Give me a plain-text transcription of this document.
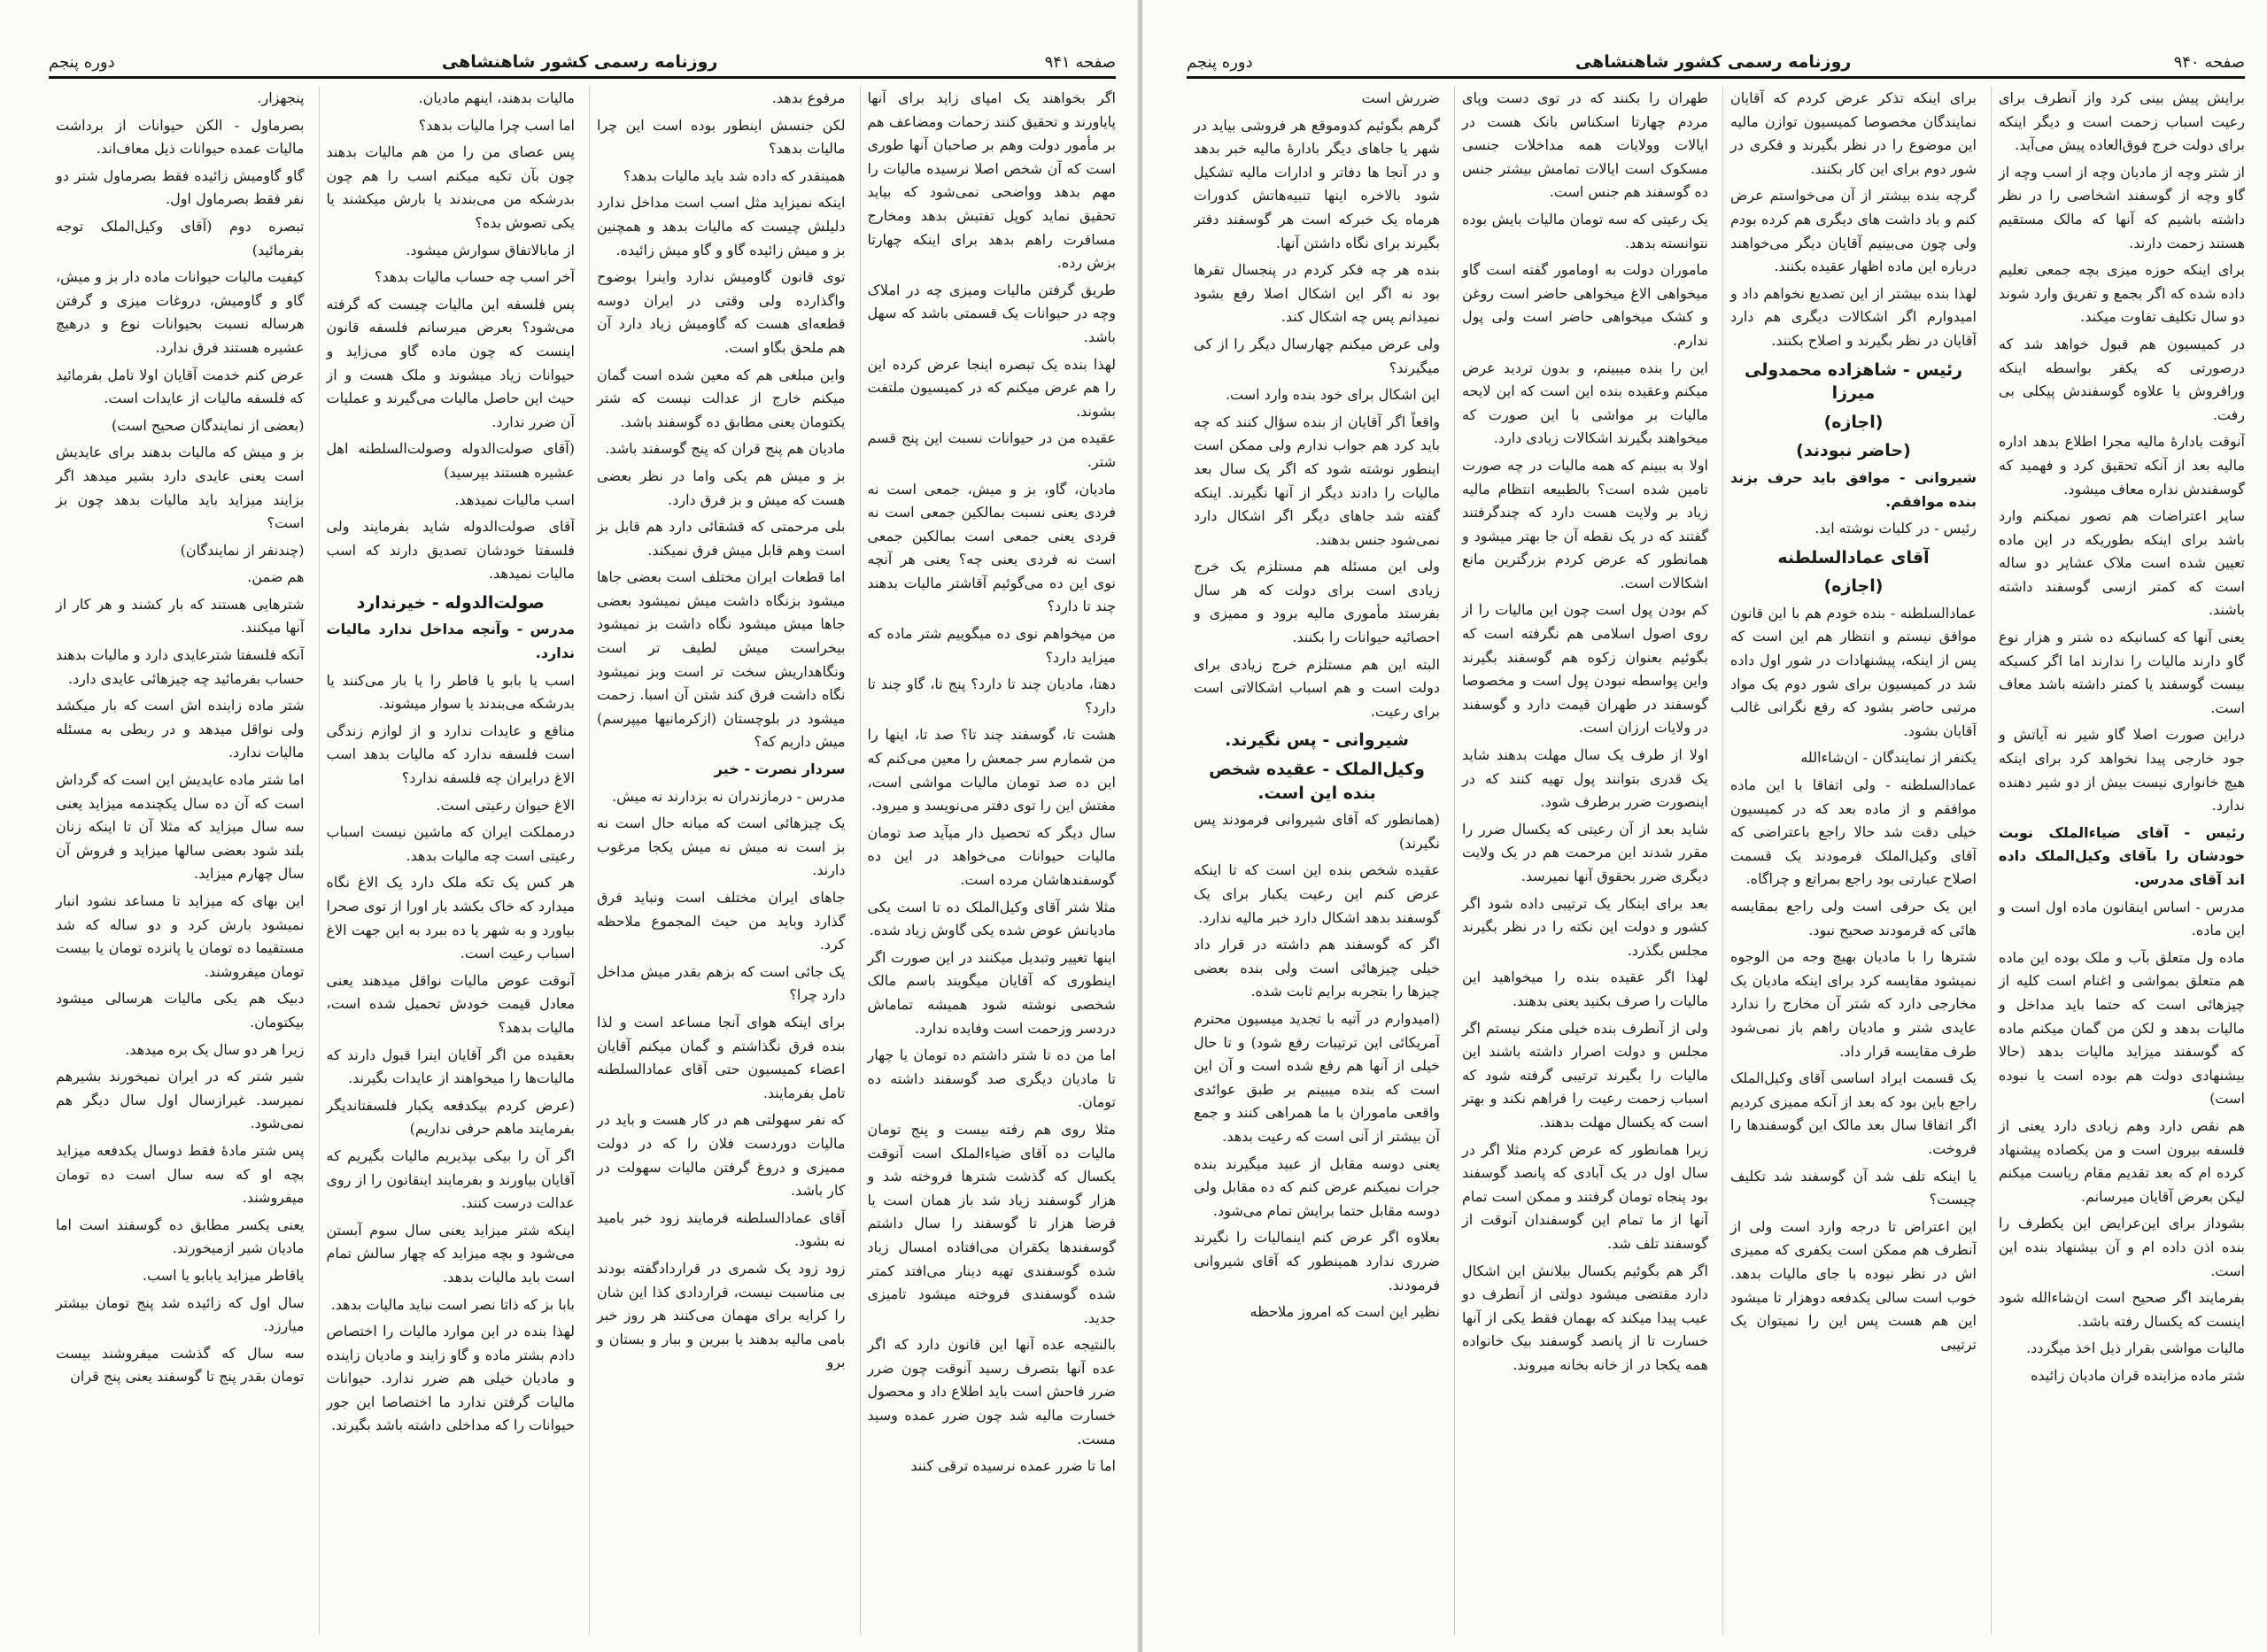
صفحه ۹۴۱
روزنامه رسمی کشور شاهنشاهی
دوره پنجم

اگر بخواهند یک امپای زاید برای آنها پایاورند و تحقیق کنند زحمات ومضاعف هم بر مأمور دولت وهم بر صاحبان آنها طوری است که آن شخص اصلا نرسیده مالیات را مهم بدهد وواضحی نمی‌شود که بیاید تحقیق نماید کوپل تفتیش بدهد ومخارج مسافرت راهم بدهد برای اینکه چهارتا بزش رده.

طریق گرفتن مالیات ومیزی چه در املاک وچه در حیوانات یک قسمتی باشد که سهل باشد.

لهذا بنده یک تبصره اینجا عرض کرده این را هم عرض میکنم که در کمیسیون ملتفت بشوند.

عقیده من در حیوانات نسبت این پنج قسم شتر.

مادیان، گاو، بز و میش، جمعی است نه فردی یعنی نسبت بمالکین جمعی است نه فردی یعنی جمعی است بمالکین جمعی است نه فردی یعنی چه؟ یعنی هر آنچه نوی این ده می‌گوئیم آقاشتر مالیات بدهند چند تا دارد؟

من میخواهم نوی ده میگوییم شتر ماده که میزاید دارد؟

دهتا، مادیان چند تا دارد؟ پنج تا، گاو چند تا دارد؟

هشت تا، گوسفند چند تا؟ صد تا، اینها را من شمارم سر جمعش را معین می‌کنم که این ده صد تومان مالیات مواشی است، مفتش این را توی دفتر می‌نویسد و میرود.

سال دیگر که تحصیل دار میآید صد تومان مالیات حیوانات می‌خواهد در این ده گوسفندهاشان مرده است.

مثلا شتر آقای وکیل‌الملک ده تا است یکی مادیانش عوض شده یکی گاوش زیاد شده.

اینها تغییر وتبدیل میکنند در این صورت اگر اینطوری که آقایان میگویند باسم مالک شخصی نوشته شود همیشه تماماش دردسر وزحمت است وفایده ندارد.

اما من ده تا شتر داشتم ده تومان یا چهار تا مادیان دیگری صد گوسفند داشته ده تومان.

مثلا روی هم رفته بیست و پنج تومان مالیات ده آقای ضیاءالملک است آنوقت یکسال که گذشت شترها فروخته شد و هزار گوسفند زیاد شد باز همان است یا فرضا هزار تا گوسفند را سال داشتم گوسفندها یکقران می‌افتاده امسال زیاد شده گوسفندی تهیه دینار می‌افتد کمتر شده گوسفندی فروخته میشود تامیزی جدید.

بالنتیجه عده آنها این قانون دارد که اگر عده آنها بتصرف رسید آنوقت چون ضرر ضرر فاحش است باید اطلاع داد و محصول خسارت مالیه شد چون ضرر عمده وسید مست.

اما تا ضرر عمده نرسیده ترقی کنند

مرفوع بدهد.

لکن جنسش اینطور بوده است این چرا مالیات بدهد؟

همینقدر که داده شد باید مالیات بدهد؟

اینکه نمیزاید مثل اسب است مداخل ندارد دلیلش چیست که مالیات بدهد و همچنین بز و میش زائیده گاو و گاو میش زائیده.

توی قانون گاومیش ندارد واینرا بوضوح واگذارده ولی وقتی در ایران دوسه قطعه‌ای هست که گاومیش زیاد دارد آن هم ملحق بگاو است.

واین مبلغی هم که معین شده است گمان میکنم خارج از عدالت نیست که شتر یکتومان یعنی مطابق ده گوسفند باشد.

مادیان هم پنج قران که پنج گوسفند باشد.

بز و میش هم یکی واما در نظر بعضی هست که میش و بز فرق دارد.

بلی مرحمتی که قشقائی دارد هم قابل بز است وهم قابل میش فرق نمیکند.

اما قطعات ایران مختلف است بعضی جاها میشود بزنگاه داشت میش نمیشود بعضی جاها میش میشود نگاه داشت بز نمیشود بیخراست میش لطیف تر است ونگاهداریش سخت تر است وبز نمیشود نگاه داشت فرق کند شتن آن اسبا. زحمت میشود در بلوچستان (ازکرمانیها میپرسم) میش داریم که؟

سردار نصرت - خیر

مدرس - درمازندران نه بزدارند نه میش.

یک چیزهائی است که میانه حال است نه بز است نه میش نه میش یکجا مرغوب دارند.

جاهای ایران مختلف است ونباید فرق گذارد وباید من حیث المجموع ملاحظه کرد.

یک جائی است که بزهم بقدر میش مداخل دارد چرا؟

برای اینکه هوای آنجا مساعد است و لذا بنده فرق نگذاشتم و گمان میکنم آقایان اعضاء کمیسیون حتی آقای عمادالسلطنه تامل بفرمایند.

که نفر سهولتی هم در کار هست و باید در مالیات دوردست فلان را که در دولت ممیزی و دروغ گرفتن مالیات سهولت در کار باشد.

آقای عمادالسلطنه فرمایند زود خبر بامید نه بشود.

زود زود یک شمری در قراردادگفته بودند بی مناسبت نیست، قراردادی کذا این شان را کرایه برای مهمان می‌کنند هر روز خبر بامی مالیه بدهند یا ببرین و ببار و بستان و برو

مالیات بدهند، اینهم مادیان.

اما اسب چرا مالیات بدهد؟

پس عصای من را من هم مالیات بدهند چون بآن تکیه میکنم اسب را هم چون بدرشکه من می‌بندند یا بارش میکشند یا یکی تصوش بده؟

از مابالاتفاق سوارش میشود.

آخر اسب چه حساب مالیات بدهد؟

پس فلسفه این مالیات چیست که گرفته می‌شود؟ بعرض میرسانم فلسفه قانون اینست که چون ماده گاو می‌زاید و حیوانات زیاد میشوند و ملک هست و از حیث این حاصل مالیات می‌گیرند و عملیات آن ضرر ندارد.

(آقای صولت‌الدوله وصولت‌السلطنه اهل عشیره هستند بپرسید)

اسب مالیات نمیدهد.

آقای صولت‌الدوله شاید بفرمایند ولی فلسفتا خودشان تصدیق دارند که اسب مالیات نمیدهد.

صولت‌الدوله - خیرندارد

مدرس - وآنچه مداخل ندارد مالیات ندارد.

اسب یا بابو یا قاطر را یا بار می‌کنند یا بدرشکه می‌بندند یا سوار میشوند.

منافع و عایدات ندارد و از لوازم زندگی است فلسفه ندارد که مالیات بدهد اسب الاغ درایران چه فلسفه ندارد؟

الاغ حیوان رعیتی است.

درمملکت ایران که ماشین نیست اسباب رعیتی است چه مالیات بدهد.

هر کس یک تکه ملک دارد یک الاغ نگاه میدارد که خاک بکشد بار اورا از توی صحرا بیاورد و به شهر یا ده ببرد به این جهت الاغ اسباب رعیت است.

آنوقت عوض مالیات نواقل میدهند یعنی معادل قیمت خودش تحمیل شده است، مالیات بدهد؟

بعقیده من اگر آقایان اینرا قبول دارند که مالیات‌ها را میخواهند از عایدات بگیرند.

(عرض کردم بیکدفعه یکبار فلسفتاندیگر بفرمایند ماهم حرفی نداریم)

اگر آن را بیکی بپذیریم مالیات بگیریم که آقایان بیاورند و بفرمایند اینقانون را از روی عدالت درست کنند.

اینکه شتر میزاید یعنی سال سوم آبستن می‌شود و بچه میزاید که چهار سالش تمام است باید مالیات بدهد.

بابا بز که ذاتا نصر است نباید مالیات بدهد.

لهذا بنده در این موارد مالیات را اختصاص دادم بشتر ماده و گاو زایند و مادیان زاینده و مادیان خیلی هم ضرر ندارد. حیوانات مالیات گرفتن ندارد ما اختصاصا این جور حیوانات را که مداخلی داشته باشد بگیرند.

پنجهزار.

بصرماول - الکن حیوانات از برداشت مالیات عمده حیوانات ذیل معاف‌اند.

گاو گاومیش زائیده فقط بصرماول شتر دو نفر فقط بصرماول اول.

تبصره دوم (آقای وکیل‌الملک توجه بفرمائید)

کیفیت مالیات حیوانات ماده دار بز و میش، گاو و گاومیش، دروغات میزی و گرفتن هرساله نسبت بحیوانات نوع و درهیچ عشیره هستند فرق ندارد.

عرض کنم خدمت آقایان اولا تامل بفرمائید که فلسفه مالیات از عایدات است.

(بعضی از نمایندگان صحیح است)

بز و میش که مالیات بدهند برای عایدیش است یعنی عایدی دارد بشیر میدهد اگر بزایند میزاید باید مالیات بدهد چون بز است؟

(چندنفر از نمایندگان)

هم ضمن.

شترهایی هستند که بار کشند و هر کار از آنها میکنند.

آنکه فلسفتا شترعایدی دارد و مالیات بدهند حساب بفرمائید چه چیزهائی عایدی دارد.

شتر ماده زاینده اش است که بار میکشد ولی نواقل میدهد و در ربطی به مسئله مالیات ندارد.

اما شتر ماده عایدیش این است که گرداش است که آن ده سال یکچندمه میزاید یعنی سه سال میزاید که مثلا آن تا اینکه زنان بلند شود بعضی سالها میزاید و فروش آن سال چهارم میزاید.

این بهای که میزاید تا مساعد نشود انبار نمیشود بارش کرد و دو ساله که شد مستقیما ده تومان یا پانزده تومان یا بیست تومان میفروشند.

دبیک هم یکی مالیات هرسالی میشود بیکتومان.

زیرا هر دو سال یک بره میدهد.

شیر شتر که در ایران نمیخورند بشیرهم نمیرسد. غیرازسال اول سال دیگر هم نمی‌شود.

پس شتر مادهٔ فقط دوسال یکدفعه میزاید بچه او که سه سال است ده تومان میفروشند.

یعنی یکسر مطابق ده گوسفند است اما مادیان شیر ازمیخورند.

یاقاطر میزاید یابابو یا اسب.

سال اول که زائیده شد پنج تومان بیشتر میارزد.

سه سال که گذشت میفروشند بیست تومان بقدر پنج تا گوسفند یعنی پنج قران

صفحه ۹۴۰
روزنامه رسمی کشور شاهنشاهی
دوره پنجم

برایش پیش بینی کرد واز آنطرف برای رعیت اسباب زحمت است و دیگر اینکه برای دولت خرج فوق‌العاده پیش می‌آید.

از شتر وچه از مادیان وچه از اسب وچه از گاو وچه از گوسفند اشخاصی را در نظر داشته باشیم که آنها که مالک مستقیم هستند زحمت دارند.

برای اینکه حوزه میزی بچه جمعی تعلیم داده شده که اگر بجمع و تفریق وارد شوند دو سال تکلیف تفاوت میکند.

در کمیسیون هم قبول خواهد شد که درصورتی که یکفر بواسطه اینکه ورافروش یا علاوه گوسفندش پیکلی بی رفت.

آنوقت بادارهٔ مالیه مجرا اطلاع بدهد اداره مالیه بعد از آنکه تحقیق کرد و فهمید که گوسفندش نداره معاف میشود.

سایر اعتراضات هم تصور نمیکنم وارد باشد برای اینکه بطوریکه در این ماده تعیین شده است ملاک عشایر دو ساله است که کمتر ازسی گوسفند داشته باشند.

یعنی آنها که کسانیکه ده شتر و هزار نوع گاو دارند مالیات را ندارند اما اگر کسیکه بیست گوسفند یا کمتر داشته باشد معاف است.

دراین صورت اصلا گاو شیر نه آیاتش و جود خارجی پیدا نخواهد کرد برای اینکه هیچ خانواری نیست بیش از دو شیر دهنده ندارد.

رئیس - آقای ضیاءالملک نوبت خودشان را بآقای وکیل‌الملک داده اند آقای مدرس.

مدرس - اساس اینقانون ماده اول است و این ماده.

ماده ول متعلق بآب و ملک بوده این ماده هم متعلق بمواشی و اغنام است کلیه از چیزهائی است که حتما باید مداخل و مالیات بدهد و لکن من گمان میکنم ماده که گوسفند میزاید مالیات بدهد (حالا بیشنهادی دولت هم بوده است یا نبوده است)

هم نقص دارد وهم زیادی دارد یعنی از فلسفه بیرون است و من یکصاده پیشنهاد کرده ام که بعد تقدیم مقام ریاست میکنم لیکن بعرض آقایان میرسانم.

بشوداز برای این‌عرایض این یکطرف را بنده اذن داده ام و آن بیشنهاد بنده این است.

بفرمایند اگر صحیح است ان‌شاءالله شود اینست که یکسال رفته باشد.

مالیات مواشی بقرار ذیل اخذ میگردد.

شتر ماده مزاینده قران مادیان زائیده

برای اینکه تذکر عرض کردم که آقایان نمایندگان مخصوصا کمیسیون توازن مالیه این موضوع را در نظر بگیرند و فکری در شور دوم برای این کار بکنند.

گرچه بنده بیشتر از آن می‌خواستم عرض کنم و باد داشت های دیگری هم کرده بودم ولی چون می‌بینیم آقایان دیگر می‌خواهند درباره این ماده اظهار عقیده بکنند.

لهذا بنده بیشتر از این تصدیع نخواهم داد و امیدوارم اگر اشکالات دیگری هم دارد آقایان در نظر بگیرند و اصلاح بکنند.

رئیس - شاهزاده محمدولی میرزا

(اجازه)

(حاضر نبودند)

شیروانی - موافق باید حرف بزند بنده موافقم.

رئیس - در کلیات نوشته اید.

آقای عمادالسلطنه

(اجازه)

عمادالسلطنه - بنده خودم هم با این قانون موافق نیستم و انتظار هم این است که پس از اینکه، پیشنهادات در شور اول داده شد در کمیسیون برای شور دوم یک مواد مرتبی حاضر بشود که رفع نگرانی غالب آقایان بشود.

یکنفر از نمایندگان - ان‌شاءالله

عمادالسلطنه - ولی اتفاقا با این ماده موافقم و از ماده بعد که در کمیسیون خیلی دقت شد حالا راجع باعتراضی که آقای وکیل‌الملک فرمودند یک قسمت اصلاح عبارتی بود راجع بمراتع و چراگاه.

این یک حرفی است ولی راجع بمقایسه هائی که فرمودند صحیح نبود.

شترها را با مادیان بهیچ وجه من الوجوه نمیشود مقایسه کرد برای اینکه مادیان یک مخارجی دارد که شتر آن مخارج را ندارد عایدی شتر و مادیان راهم باز نمی‌شود طرف مقایسه قرار داد.

یک قسمت ایراد اساسی آقای وکیل‌الملک راجع باین بود که بعد از آنکه ممیزی کردیم اگر اتفاقا سال بعد مالک این گوسفندها را فروخت.

یا اینکه تلف شد آن گوسفند شد تکلیف چیست؟

این اعتراض تا درجه وارد است ولی از آنطرف هم ممکن است یکفری که ممیزی اش در نظر نبوده با جای مالیات بدهد. خوب است سالی یکدفعه دوهزار تا میشود این هم هست پس این را نمیتوان یک ترتیبی

طهران را بکنند که در توی دست وپای مردم چهارتا اسکناس بانک هست در ایالات وولایات همه مداخلات جنسی مسکوک است ایالات تمامش بیشتر جنس ده گوسفند هم جنس است.

یک رعیتی که سه تومان مالیات بایش بوده نتوانسته بدهد.

ماموران دولت به اومامور گفته است گاو میخواهی الاغ میخواهی حاضر است روغن و کشک میخواهی حاضر است ولی پول ندارم.

این را بنده میبینم، و بدون تردید عرض میکنم وعقیده بنده این است که این لایحه مالیات بر مواشی با این صورت که میخواهند بگیرند اشکالات زیادی دارد.

اولا به ببینم که همه مالیات در چه صورت تامین شده است؟ بالطبیعه انتظام مالیه زیاد بر ولایت هست دارد که چندگرفتند گفتند که در یک نقطه آن جا بهتر میشود و همانطور که عرض کردم بزرگترین مانع اشکالات است.

کم بودن پول است چون این مالیات را از روی اصول اسلامی هم نگرفته است که بگوئیم بعنوان زکوه هم گوسفند بگیرند واین پواسطه نبودن پول است و مخصوصا گوسفند در طهران قیمت دارد و گوسفند در ولایات ارزان است.

اولا از طرف یک سال مهلت بدهند شاید یک قدری بتوانند پول تهیه کنند که در اینصورت ضرر برطرف شود.

شاید بعد از آن رعیتی که یکسال ضرر را مقرر شدند این مرحمت هم در یک ولایت دیگری ضرر بحقوق آنها نمیرسد.

بعد برای اینکار یک ترتیبی داده شود اگر کشور و دولت این نکته را در نظر بگیرند مجلس بگذرد.

لهذا اگر عقیده بنده را میخواهید این مالیات را صرف بکنید یعنی بدهند.

ولی از آنطرف بنده خیلی منکر نیستم اگر مجلس و دولت اصرار داشته باشند این مالیات را بگیرند ترتیبی گرفته شود که اسباب زحمت رعیت را فراهم نکند و بهتر است که یکسال مهلت بدهند.

زیرا همانطور که عرض کردم مثلا اگر در سال اول در یک آبادی که پانصد گوسفند بود پنجاه تومان گرفتند و ممکن است تمام آنها از ما تمام این گوسفندان آنوقت از گوسفند تلف شد.

اگر هم بگوئیم یکسال بیلانش این اشکال دارد مقتضی میشود دولتی از آنطرف دو عیب پیدا میکند که بهمان فقط یکی از آنها خسارت تا از پانصد گوسفند بیک خانواده همه یکجا در از خانه بخانه میروند.

ضررش است

گرهم بگوئیم کدوموقع هر فروشی بیاید در شهر یا جاهای دیگر بادارهٔ مالیه خبر بدهد و در آنجا ها دفاتر و ادارات مالیه تشکیل شود بالاخره اینها تنبیه‌هاتش کدورات هرماه یک خبرکه است هر گوسفند دفتر بگیرند برای نگاه داشتن آنها.

بنده هر چه فکر کردم در پنجسال تقرها بود نه اگر این اشکال اصلا رفع بشود نمیدانم پس چه اشکال کند.

ولی عرض میکنم چهارسال دیگر را از کی میگیرند؟

این اشکال برای خود بنده وارد است.

واقعاً اگر آقایان از بنده سؤال کنند که چه باید کرد هم جواب ندارم ولی ممکن است اینطور نوشته شود که اگر یک سال بعد مالیات را دادند دیگر از آنها نگیرند. اینکه گفته شد جاهای دیگر اگر اشکال دارد نمی‌شود جنس بدهند.

ولی این مسئله هم مستلزم یک خرج زیادی است برای دولت که هر سال بفرستد مأموری مالیه برود و ممیزی و احصائیه حیوانات را بکنند.

البته این هم مستلزم خرج زیادی برای دولت است و هم اسباب اشکالاتی است برای رعیت.

شیروانی - پس نگیرند.

وکیل‌الملک - عقیده شخص بنده این است.

(همانطور که آقای شیروانی فرمودند پس نگیرند)

عقیده شخص بنده این است که تا اینکه عرض کنم این رعیت یکبار برای یک گوسفند بدهد اشکال دارد خبر مالیه ندارد.

اگر که گوسفند هم داشته در قرار داد خیلی چیزهائی است ولی بنده بعضی چیزها را بتجربه برایم ثابت شده.

(امیدوارم در آتیه با تجدید میسیون محترم آمریکائی این ترتیبات رفع شود) و تا حال خیلی از آنها هم رفع شده است و آن این است که بنده میبینم بر طبق عوائدی واقعی ماموران با ما همراهی کنند و جمع آن بیشتر از آنی است که رعیت بدهد.

یعنی دوسه مقابل از عبید میگیرند بنده جرات نمیکنم عرض کنم که ده مقابل ولی دوسه مقابل حتما برایش تمام می‌شود.

بعلاوه اگر عرض کنم اینمالیات را نگیرند ضرری ندارد همینطور که آقای شیروانی فرمودند.

نظیر این است که امروز ملاحظه
